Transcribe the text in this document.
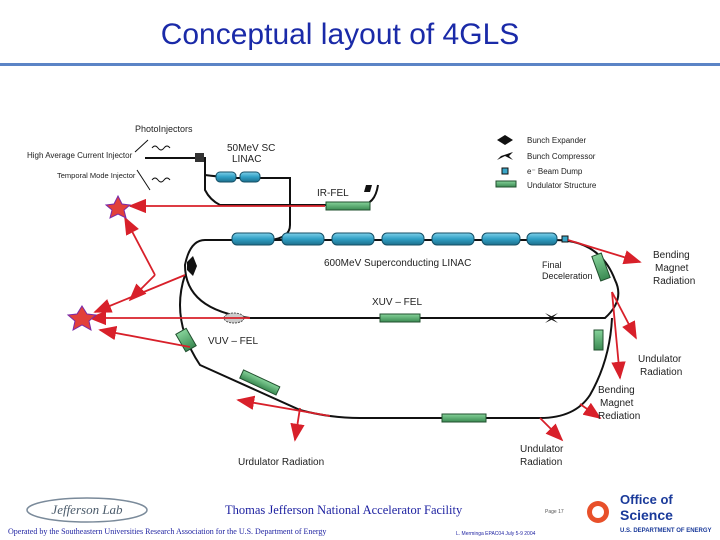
Conceptual layout of 4GLS
PhotoInjectors
High Average Current Injector
Temporal Mode Injector
50MeV SC
LINAC
IR-FEL
600MeV Superconducting LINAC	Final
Deceleration
XUV – FEL
VUV – FEL
Bending
Magnet
Radiation
Undulator
Radiation
Bending
Magnet
Rediation
Undulator
Radiation
Urdulator Radiation
Bunch Expander
Bunch Compressor
e⁻ Beam Dump
Undulator Structure
Jefferson Lab	Thomas Jefferson National Accelerator Facility
Operated by the Southeastern Universities Research Association for the U.S. Department of Energy
Page 17
L. Merminga EPAC04 July 5-9 2004
Office of
Science
U.S. DEPARTMENT OF ENERGY
